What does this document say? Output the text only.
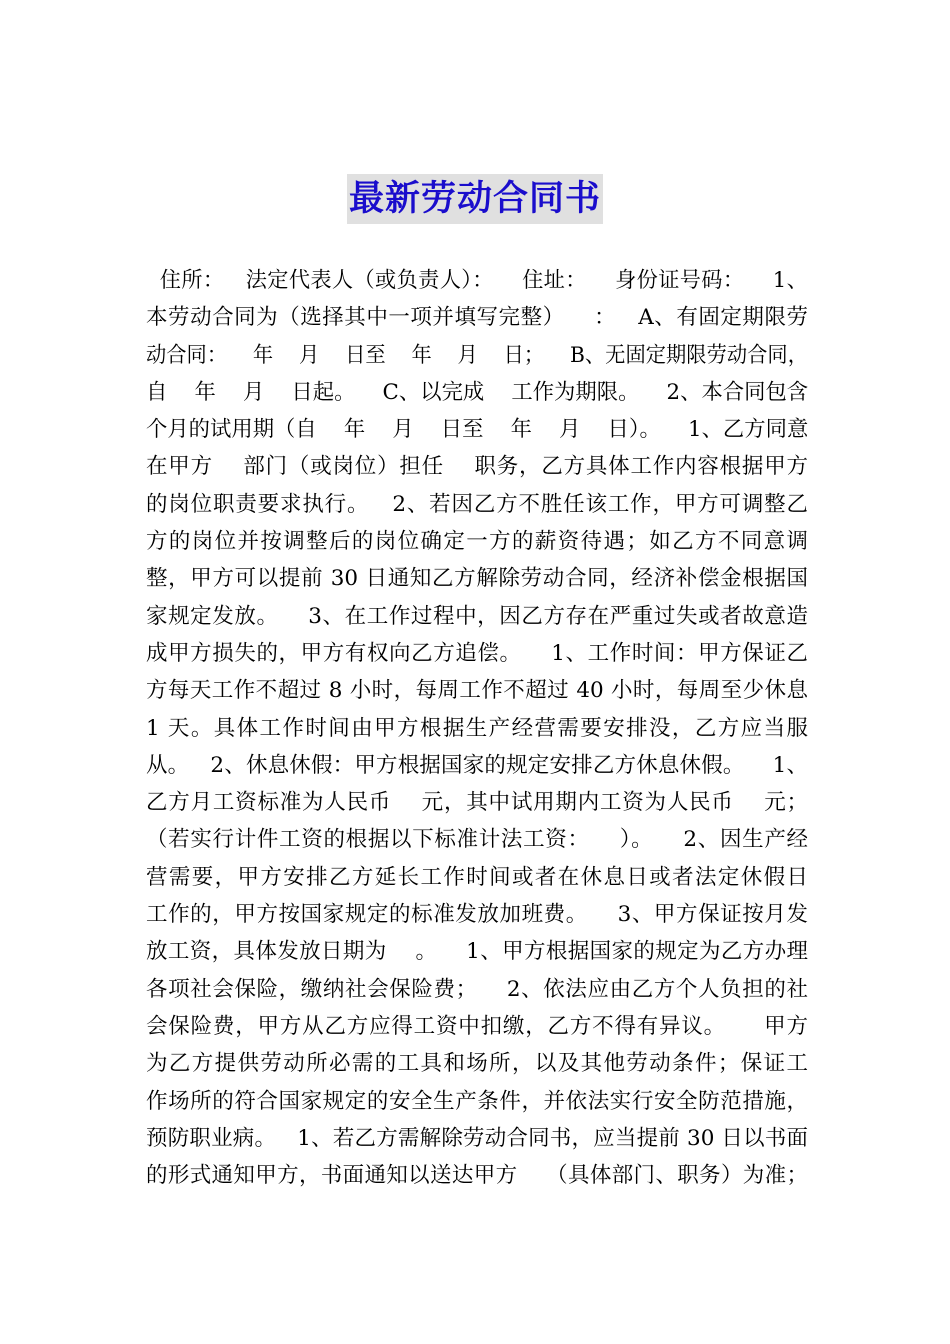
最新劳动合同书
住所：   法定代表人（或负责人）：    住址：    身份证号码：    1、
本劳动合同为（选择其中一项并填写完整）    ：   A、有固定期限劳
动合同：    年    月    日至    年    月    日；    B、无固定期限劳动合同，
自    年    月    日起。    C、以完成    工作为期限。    2、本合同包含
个月的试用期（自    年    月    日至    年    月    日）。    1、乙方同意
在甲方    部门（或岗位）担任    职务，乙方具体工作内容根据甲方
的岗位职责要求执行。   2、若因乙方不胜任该工作，甲方可调整乙
方的岗位并按调整后的岗位确定一方的薪资待遇；如乙方不同意调
整，甲方可以提前 30 日通知乙方解除劳动合同，经济补偿金根据国
家规定发放。    3、在工作过程中，因乙方存在严重过失或者故意造
成甲方损失的，甲方有权向乙方追偿。    1、工作时间：甲方保证乙
方每天工作不超过 8 小时，每周工作不超过 40 小时，每周至少休息
1 天。具体工作时间由甲方根据生产经营需要安排没，乙方应当服
从。   2、休息休假：甲方根据国家的规定安排乙方休息休假。    1、
乙方月工资标准为人民币    元，其中试用期内工资为人民币    元；
（若实行计件工资的根据以下标准计法工资：    ）。    2、因生产经
营需要，甲方安排乙方延长工作时间或者在休息日或者法定休假日
工作的，甲方按国家规定的标准发放加班费。    3、甲方保证按月发
放工资，具体发放日期为    。    1、甲方根据国家的规定为乙方办理
各项社会保险，缴纳社会保险费；    2、依法应由乙方个人负担的社
会保险费，甲方从乙方应得工资中扣缴，乙方不得有异议。     甲方
为乙方提供劳动所必需的工具和场所，以及其他劳动条件；保证工
作场所的符合国家规定的安全生产条件，并依法实行安全防范措施，
预防职业病。   1、若乙方需解除劳动合同书，应当提前 30 日以书面
的形式通知甲方，书面通知以送达甲方    （具体部门、职务）为准；
